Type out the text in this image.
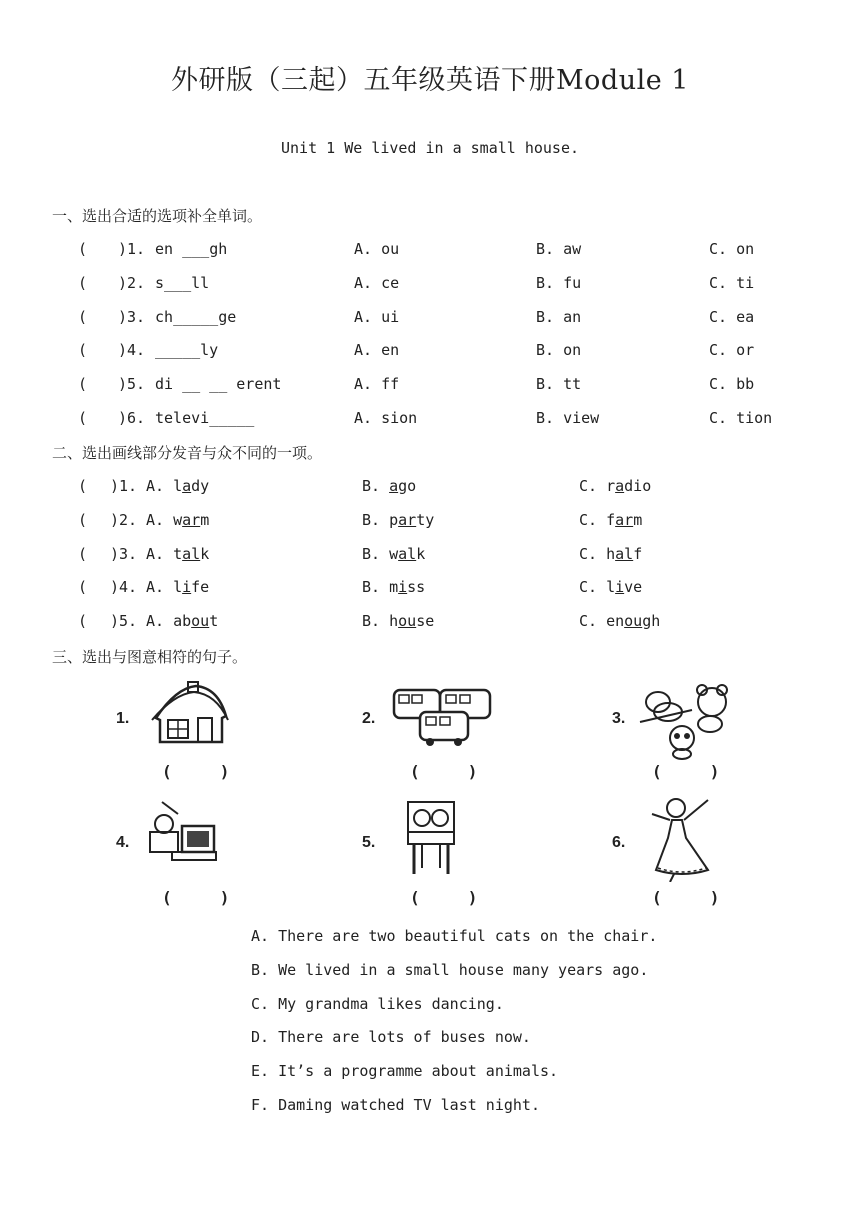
外研版（三起）五年级英语下册Module 1
Unit 1 We lived in a small house.
一、选出合适的选项补全单词。
( )1. en ___gh	A. ou	B. aw	C. on
( )2. s___ll	A. ce	B. fu	C. ti
( )3. ch_____ge	A. ui	B. an	C. ea
( )4. _____ly	A. en	B. on	C. or
( )5. di __ __ erent	A. ff	B. tt	C. bb
( )6. televi_____	A. sion	B. view	C. tion
二、选出画线部分发音与众不同的一项。
( )1. A. lady	B. ago	C. radio
( )2. A. warm	B. party	C. farm
( )3. A. talk	B. walk	C. half
( )4. A. life	B. miss	C. live
( )5. A. about	B. house	C. enough
三、选出与图意相符的句子。
1.
(     )
2.
(     )
3.
(     )
4.
(     )
5.
(     )
6.
(     )
A. There are two beautiful cats on the chair.
B. We lived in a small house many years ago.
C. My grandma likes dancing.
D. There are lots of buses now.
E. It’s a programme about animals.
F. Daming watched TV last night.
